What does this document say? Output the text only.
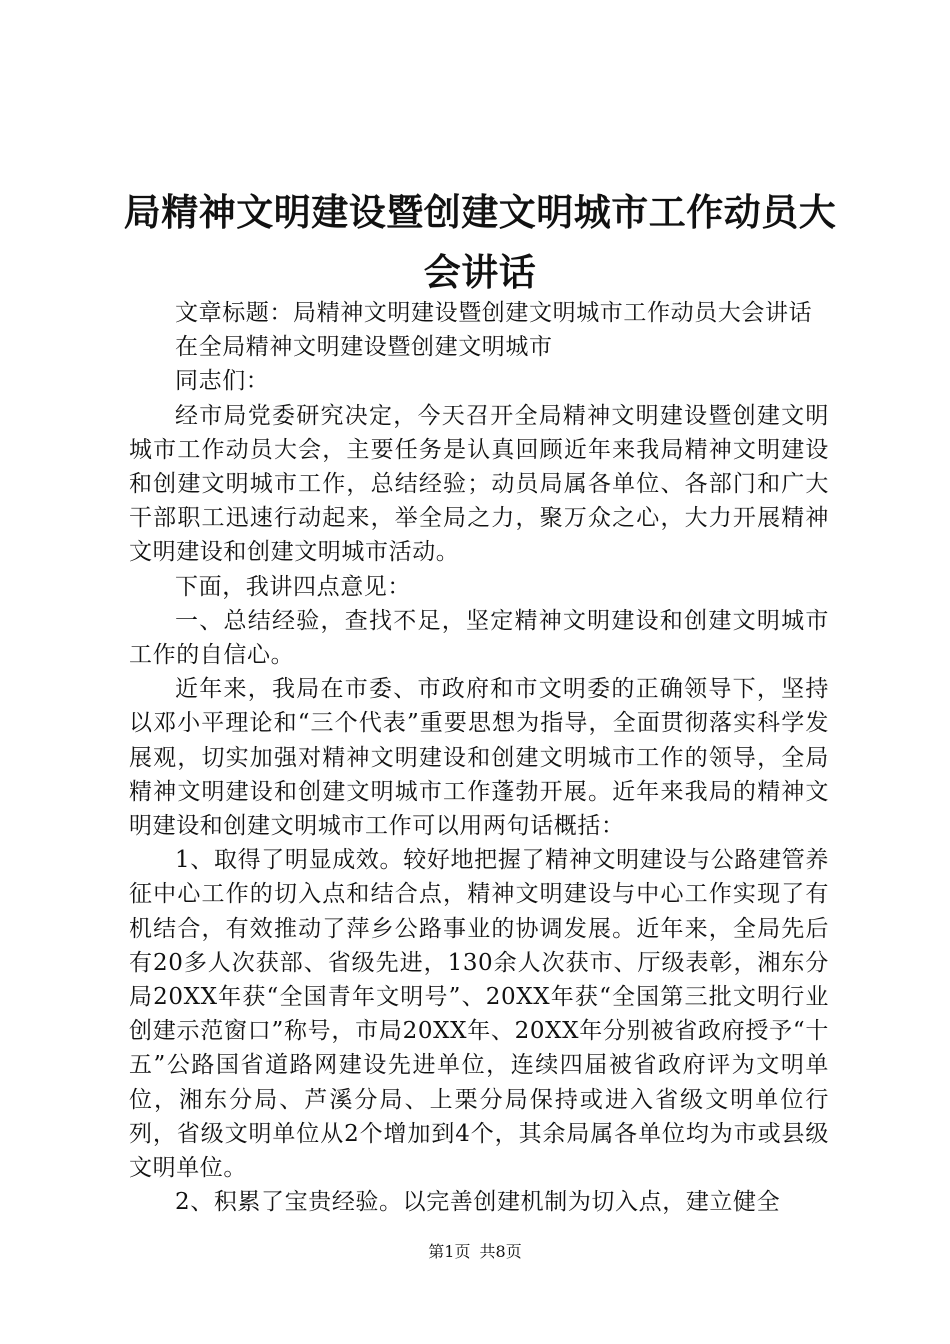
局精神文明建设暨创建文明城市工作动员大会讲话

文章标题：局精神文明建设暨创建文明城市工作动员大会讲话

在全局精神文明建设暨创建文明城市

同志们：

经市局党委研究决定，今天召开全局精神文明建设暨创建文明城市工作动员大会，主要任务是认真回顾近年来我局精神文明建设和创建文明城市工作，总结经验；动员局属各单位、各部门和广大干部职工迅速行动起来，举全局之力，聚万众之心，大力开展精神文明建设和创建文明城市活动。

下面，我讲四点意见：

一、总结经验，查找不足，坚定精神文明建设和创建文明城市工作的自信心。

近年来，我局在市委、市政府和市文明委的正确领导下，坚持以邓小平理论和“三个代表”重要思想为指导，全面贯彻落实科学发展观，切实加强对精神文明建设和创建文明城市工作的领导，全局精神文明建设和创建文明城市工作蓬勃开展。近年来我局的精神文明建设和创建文明城市工作可以用两句话概括：

1、取得了明显成效。较好地把握了精神文明建设与公路建管养征中心工作的切入点和结合点，精神文明建设与中心工作实现了有机结合，有效推动了萍乡公路事业的协调发展。近年来，全局先后有20多人次获部、省级先进，130余人次获市、厅级表彰，湘东分局20XX年获“全国青年文明号”、20XX年获“全国第三批文明行业创建示范窗口”称号，市局20XX年、20XX年分别被省政府授予“十五”公路国省道路网建设先进单位，连续四届被省政府评为文明单位，湘东分局、芦溪分局、上栗分局保持或进入省级文明单位行列，省级文明单位从2个增加到4个，其余局属各单位均为市或县级文明单位。

2、积累了宝贵经验。以完善创建机制为切入点，建立健全

第1页 共8页
